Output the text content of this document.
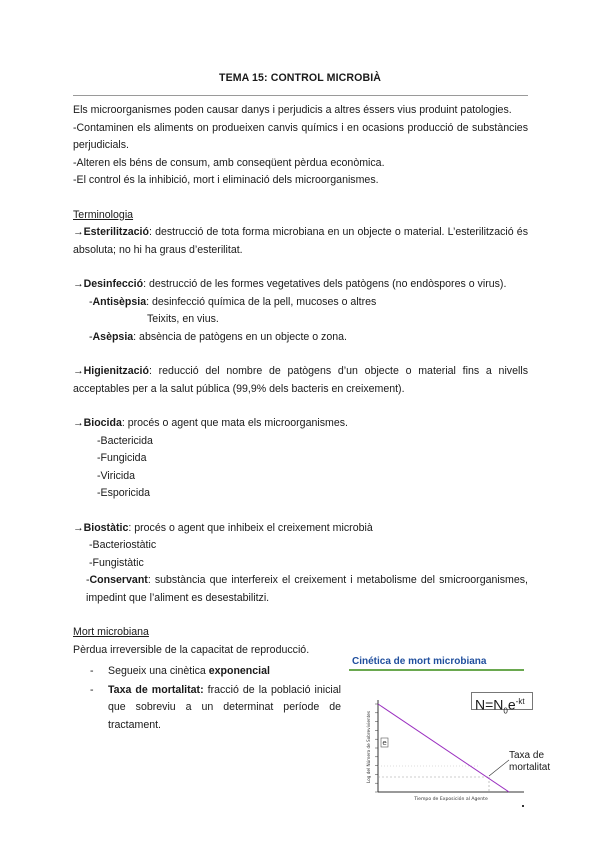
TEMA 15: CONTROL MICROBIÀ

Els microorganismes poden causar danys i perjudicis a altres éssers vius produint patologies.

-Contaminen els aliments on produeixen canvis químics i en ocasions producció de substàncies perjudicials.

-Alteren els béns de consum, amb conseqüent pèrdua econòmica.

-El control és la inhibició, mort i eliminació dels microorganismes.

Terminologia

→Esterilització: destrucció de tota forma microbiana en un objecte o material. L’esterilització és absoluta; no hi ha graus d’esterilitat.

→Desinfecció: destrucció de les formes vegetatives dels patògens (no endòspores o virus).

-Antisèpsia: desinfecció química de la pell, mucoses o altres

Teixits, en vius.

-Asèpsia: absència de patògens en un objecte o zona.

→Higienització: reducció del nombre de patògens d’un objecte o material fins a nivells acceptables per a la salut pública (99,9% dels bacteris en creixement).

→Biocida: procés o agent que mata els microorganismes.

-Bactericida

-Fungicida

-Viricida

-Esporicida

→Biostàtic: procés o agent que inhibeix el creixement microbià

-Bacteriostàtic

-Fungistàtic

-Conservant: substància que interfereix el creixement i metabolisme del smicroorganismes, impedint que l’aliment es desestabilitzi.

Mort microbiana

Pèrdua irreversible de la capacitat de reproducció.

- Segueix una cinètica exponencial
- Taxa de mortalitat: fracció de la població inicial que sobreviu a un determinat període de tractament.
Cinética de mort microbiana
e
Log del Número de Sobrevivientes
Tiempo de Exposición al Agente
$N=N_0e^{-kt}$
Taxa de
mortalitat
